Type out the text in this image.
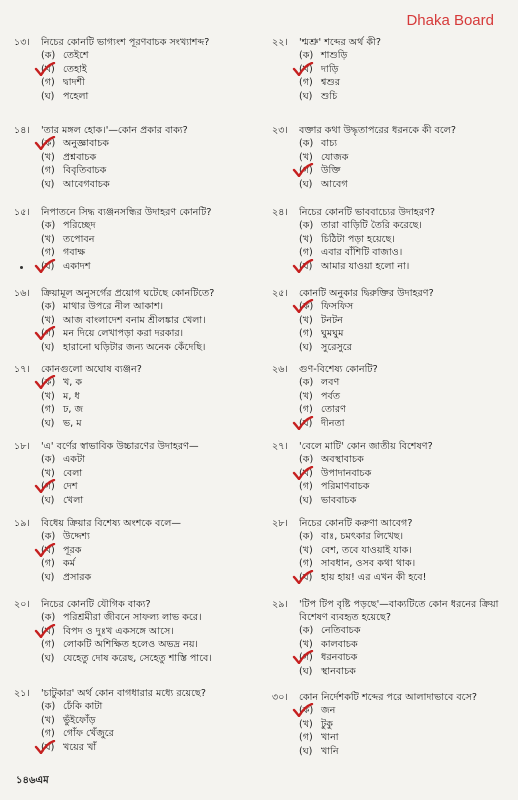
Dhaka Board
১৩।	নিচের কোনটি ভাগ্যংশ পূরণবাচক সংখ্যাশব্দ?
(ক) তেইশে
(খ) তেহাই
(গ) দ্বাদশী
(ঘ) পহেলা
১৪।	'তার মঙ্গল হোক।'—কোন প্রকার বাক্য?
(ক) অনুজ্ঞাবাচক
(খ) প্রশ্নবাচক
(গ) বিবৃতিবাচক
(ঘ) আবেগবাচক
১৫।	নিপাতনে সিদ্ধ ব্যঞ্জনসন্ধির উদাহরণ কোনটি?
(ক) পরিচ্ছেদ
(খ) তপোবন
(গ) গবাক্ষ
(ঘ) একাদশ
১৬।	ক্রিয়ামূল অনুসর্গের প্রয়োগ ঘটেছে কোনটিতে?
(ক) মাথার উপরে নীল আকাশ।
(খ) আজ বাংলাদেশ বনাম শ্রীলঙ্কার খেলা।
(গ) মন দিয়ে লেখাপড়া করা দরকার।
(ঘ) হারানো ঘড়িটার জন্য অনেক কেঁদেছি।
১৭।	কোনগুলো অঘোষ ব্যঞ্জন?
(ক) খ, ক
(খ) ম, ধ
(গ) ঢ, জ
(ঘ) ভ, ম
১৮।	'এ' বর্ণের স্বাভাবিক উচ্চারণের উদাহরণ—
(ক) একটা
(খ) বেলা
(গ) দেশ
(ঘ) খেলা
১৯।	বিধেয় ক্রিয়ার বিশেষ্য অংশকে বলে—
(ক) উদ্দেশ্য
(খ) পূরক
(গ) কর্ম
(ঘ) প্রসারক
২০।	নিচের কোনটি যৌগিক বাক্য?
(ক) পরিশ্রমীরা জীবনে সাফল্য লাভ করে।
(খ) বিপদ ও দুঃখ একসঙ্গে আসে।
(গ) লোকটি অশিক্ষিত হলেও অভদ্র নয়।
(ঘ) যেহেতু দোষ করেছ, সেহেতু শাস্তি পাবে।
২১।	'চাটুকার' অর্থ কোন বাগধারার মধ্যে রয়েছে?
(ক) ঢেঁকি কাটা
(খ) ভুঁইফোঁড়
(গ) গোঁফ খেঁজুরে
(ঘ) খয়ের খাঁ
২২।	'শ্মশ্রু' শব্দের অর্থ কী?
(ক) শাশুড়ি
(খ) দাড়ি
(গ) শ্বশুর
(ঘ) শুচি
২৩।	বক্তার কথা উদ্ধৃতাপরের ধরনকে কী বলে?
(ক) বাচ্য
(খ) যোজক
(গ) উক্তি
(ঘ) আবেগ
২৪।	নিচের কোনটি ভাববাচ্যের উদাহরণ?
(ক) তারা বাড়িটি তৈরি করেছে।
(খ) চিঠিটা পড়া হয়েছে।
(গ) এবার বাঁশিটি বাজাও।
(ঘ) আমার যাওয়া হলো না।
২৫।	কোনটি অনুকার দ্বিরুক্তির উদাহরণ?
(ক) ফিসফিস
(খ) টনটন
(গ) ঘুমঘুম
(ঘ) সুরেসুরে
২৬।	গুণ-বিশেষ্য কোনটি?
(ক) লবণ
(খ) পর্বত
(গ) তোরণ
(ঘ) দীনতা
২৭।	'বেলে মাটি' কোন জাতীয় বিশেষণ?
(ক) অবস্থাবাচক
(খ) উপাদানবাচক
(গ) পরিমাণবাচক
(ঘ) ভাববাচক
২৮।	নিচের কোনটি করুণা আবেগ?
(ক) বাঃ, চমৎকার লিখেছ।
(খ) বেশ, তবে যাওয়াই যাক।
(গ) সাবধান, ওসব কথা থাক।
(ঘ) হায় হায়! এর এখন কী হবে!
২৯।	'টিপ টিপ বৃষ্টি পড়ছে'—বাক্যটিতে কোন ধরনের ক্রিয়া বিশেষণ ব্যবহৃত হয়েছে?
(ক) নেতিবাচক
(খ) কালবাচক
(গ) ধরনবাচক
(ঘ) স্থানবাচক
৩০।	কোন নির্দেশকটি শব্দের পরে আলাদাভাবে বসে?
(ক) জন
(খ) টুকু
(গ) খানা
(ঘ) খানি
১৪৬এম
